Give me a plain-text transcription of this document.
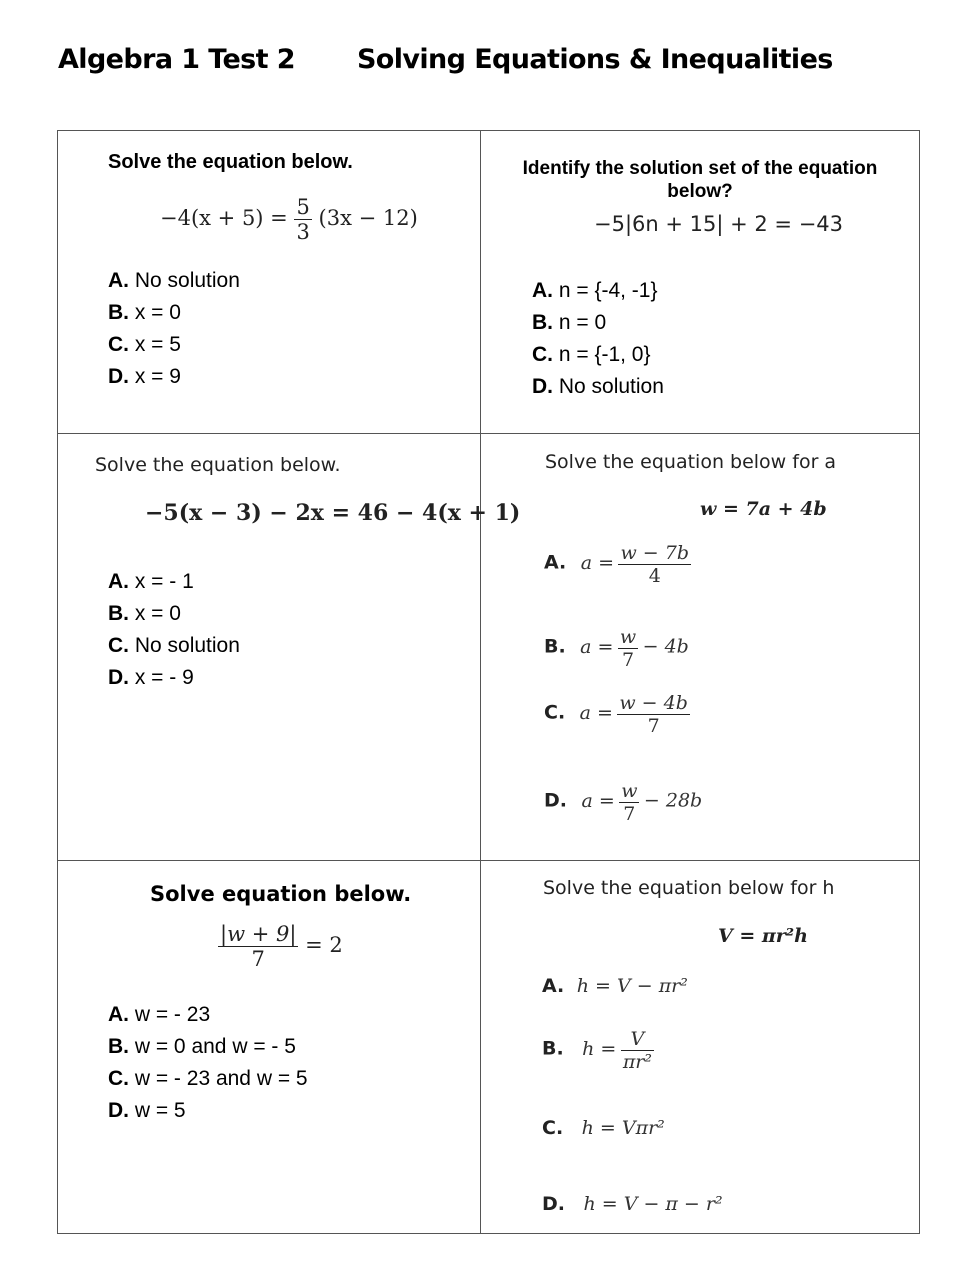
Algebra 1 Test 2 Solving Equations & Inequalities
Solve the equation below.
$-4(x + 5) = \frac{5}{3} (3x - 12)$
A. No solution
B. x = 0
C. x = 5
D. x = 9
Identify the solution set of the equation below?
−5|6n + 15| + 2 = −43
A. n = {-4, -1}
B. n = 0
C. n = {-1, 0}
D. No solution
Solve the equation below.
−5(x − 3) − 2x = 46 − 4(x + 1)
A. x = - 1
B. x = 0
C. No solution
D. x = - 9
Solve the equation below for a
w = 7a + 4b
A. $a = \frac{w - 7b}{4}$
B. $a = \frac{w}{7} - 4b$
C. $a = \frac{w - 4b}{7}$
D. $a = \frac{w}{7} - 28b$
Solve equation below.
$\frac{|w + 9|}{7} = 2$
A. w = - 23
B. w = 0 and w = - 5
C. w = - 23 and w = 5
D. w = 5
Solve the equation below for h
V = πr²h
A. h = V − πr²
B. $h = \frac{V}{\text{πr²}}$
C. h = Vπr²
D. h = V − π − r²
